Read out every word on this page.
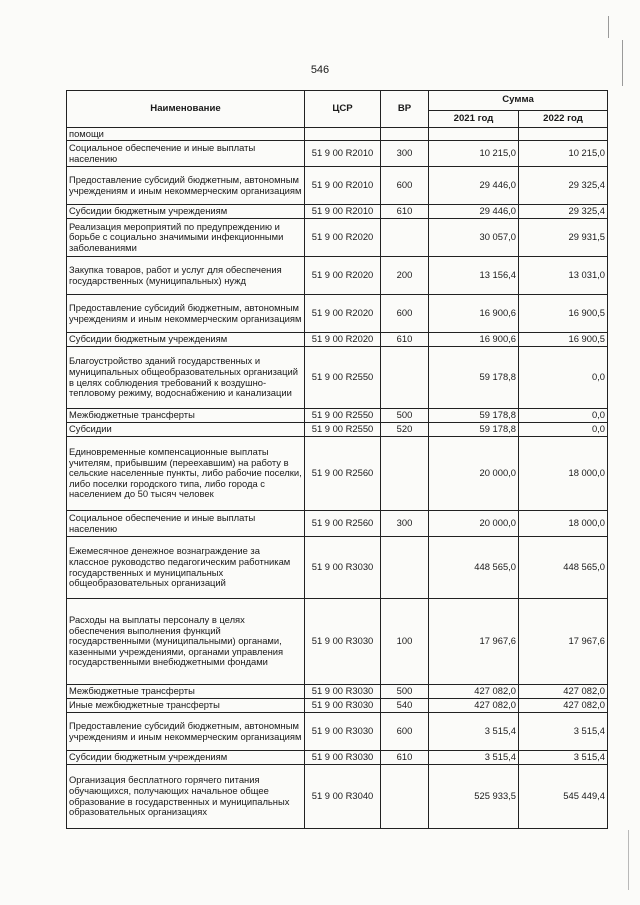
546
Наименование	ЦСР	ВР	Сумма	
			2021 год	2022 год
помощи				
Социальное обеспечение и иные выплаты населению	51 9 00 R2010	300	10 215,0	10 215,0
Предоставление субсидий бюджетным, автономным учреждениям и иным некоммерческим организациям	51 9 00 R2010	600	29 446,0	29 325,4
Субсидии бюджетным учреждениям	51 9 00 R2010	610	29 446,0	29 325,4
Реализация мероприятий по предупреждению и борьбе с социально значимыми инфекционными заболеваниями	51 9 00 R2020		30 057,0	29 931,5
Закупка товаров, работ и услуг для обеспечения государственных (муниципальных) нужд	51 9 00 R2020	200	13 156,4	13 031,0
Предоставление субсидий бюджетным, автономным учреждениям и иным некоммерческим организациям	51 9 00 R2020	600	16 900,6	16 900,5
Субсидии бюджетным учреждениям	51 9 00 R2020	610	16 900,6	16 900,5
Благоустройство зданий государственных и муниципальных общеобразовательных организаций в целях соблюдения требований к воздушно-тепловому режиму, водоснабжению и канализации	51 9 00 R2550		59 178,8	0,0
Межбюджетные трансферты	51 9 00 R2550	500	59 178,8	0,0
Субсидии	51 9 00 R2550	520	59 178,8	0,0
Единовременные компенсационные выплаты учителям, прибывшим (переехавшим) на работу в сельские населенные пункты, либо рабочие поселки, либо поселки городского типа, либо города с населением до 50 тысяч человек	51 9 00 R2560		20 000,0	18 000,0
Социальное обеспечение и иные выплаты населению	51 9 00 R2560	300	20 000,0	18 000,0
Ежемесячное денежное вознаграждение за классное руководство педагогическим работникам государственных и муниципальных общеобразовательных организаций	51 9 00 R3030		448 565,0	448 565,0
Расходы на выплаты персоналу в целях обеспечения выполнения функций государственными (муниципальными) органами, казенными учреждениями, органами управления государственными внебюджетными фондами	51 9 00 R3030	100	17 967,6	17 967,6
Межбюджетные трансферты	51 9 00 R3030	500	427 082,0	427 082,0
Иные межбюджетные трансферты	51 9 00 R3030	540	427 082,0	427 082,0
Предоставление субсидий бюджетным, автономным учреждениям и иным некоммерческим организациям	51 9 00 R3030	600	3 515,4	3 515,4
Субсидии бюджетным учреждениям	51 9 00 R3030	610	3 515,4	3 515,4
Организация бесплатного горячего питания обучающихся, получающих начальное общее образование в государственных и муниципальных образовательных организациях	51 9 00 R3040		525 933,5	545 449,4
